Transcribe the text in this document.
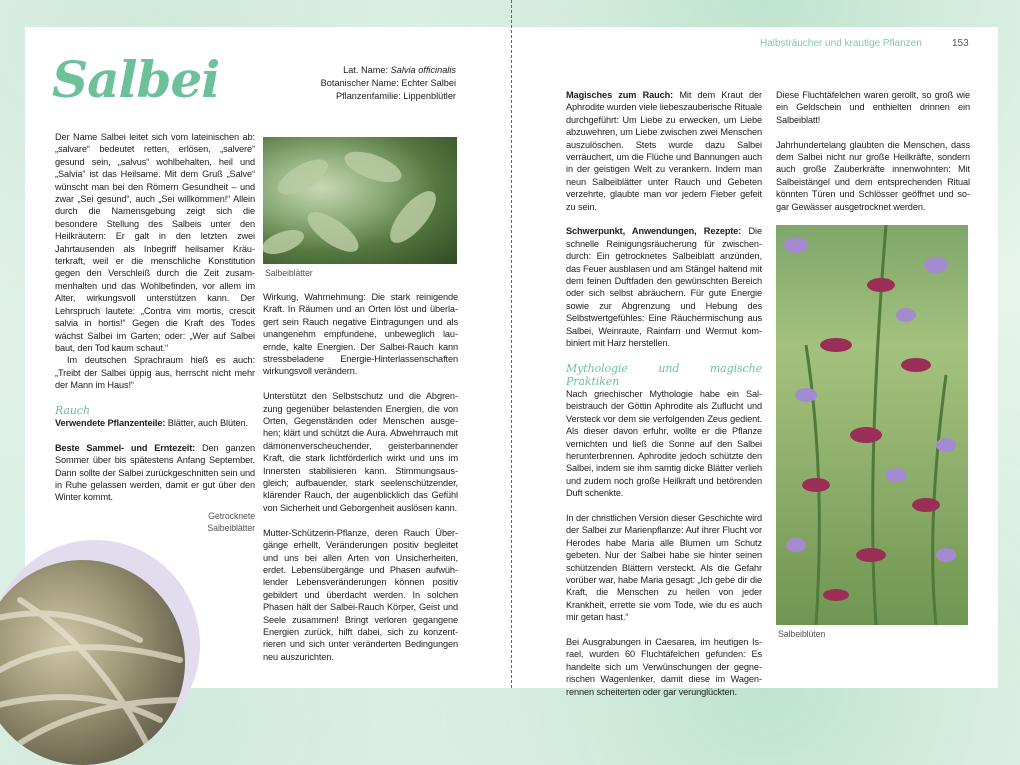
Halbsträucher und krautige Pflanzen	153
Salbei	Lat. Name: Salvia officinalis
Botanischer Name: Echter Salbei
Pflanzenfamilie: Lippenblütler

Der Name Salbei leitet sich vom lateinischen ab: „salvare“ bedeutet retten, erlösen, „salvere“ gesund sein, „salvus“ wohlbehalten, heil und „Salvia“ ist das Heilsame. Mit dem Gruß „Salve“ wünscht man bei den Römern Gesundheit – und zwar „Sei gesund“, auch „Sei willkommen!“ Allein durch die Namensgebung zeigt sich die besondere Stellung des Salbeis unter den Heilkräutern: Er galt in den letzten zwei Jahrtausenden als Inbegriff heilsamer Kräuterkraft, weil er die menschliche Konstitution gegen den Verschleiß durch die Zeit zusammenhalten und das Wohlbefinden, vor allem im Alter, wirkungsvoll unterstützen kann. Der Lehrspruch lautete: „Contra vim mortis, crescit salvia in hortis!“ Gegen die Kraft des Todes wächst Salbei im Garten; oder: „Wer auf Salbei baut, den Tod kaum schaut.“

Im deutschen Sprachraum hieß es auch: „Treibt der Salbei üppig aus, herrscht nicht mehr der Mann im Haus!“

Rauch

Verwendete Pflanzenteile: Blätter, auch Blüten.

Beste Sammel- und Erntezeit: Den ganzen Sommer über bis spätestens Anfang September. Dann sollte der Salbei zurückgeschnitten sein und in Ruhe gelassen werden, damit er gut über den Winter kommt.

Getrocknete Salbeiblätter
Salbeiblätter

Wirkung, Wahrnehmung: Die stark reinigende Kraft. In Räumen und an Orten löst und überlagert sein Rauch negative Eintragungen und als unangenehm empfundene, unbeweglich lauernde, kalte Energien. Der Salbei-Rauch kann stressbeladene Energie-Hinterlassenschaften wirkungsvoll verändern.

Unterstützt den Selbstschutz und die Abgrenzung gegenüber belastenden Energien, die von Orten, Gegenständen oder Menschen ausgehen; klärt und schützt die Aura. Abwehrrauch mit dämonenverscheuchender, geisterbannender Kraft, die stark lichtförderlich wirkt und uns im Innersten stabilisieren kann. Stimmungsausgleich; aufbauender, stark seelenschützender, klärender Rauch, der augenblicklich das Gefühl von Sicherheit und Geborgenheit auslösen kann.

Mutter-Schützerin-Pflanze, deren Rauch Übergänge erhellt, Veränderungen positiv begleitet und uns bei allen Arten von Unsicherheiten, erdet. Lebensübergänge und Phasen aufwühlender Lebensveränderungen können positiv gebildert und überdacht werden. In solchen Phasen hält der Salbei-Rauch Körper, Geist und Seele zusammen! Bringt verloren gegangene Energien zurück, hilft dabei, sich zu konzentrieren und sich unter veränderten Bedingungen neu auszurichten.

Magisches zum Rauch: Mit dem Kraut der Aphrodite wurden viele liebeszauberische Rituale durchgeführt: Um Liebe zu erwecken, um Liebe abzuwehren, um Liebe zwischen zwei Menschen auszulöschen. Stets wurde dazu Salbei verräuchert, um die Flüche und Bannungen auch in der geistigen Welt zu verankern. Indem man neun Salbeiblätter unter Rauch und Gebeten verzehrte, glaubte man vor jedem Fieber gefeit zu sein.

Schwerpunkt, Anwendungen, Rezepte: Die schnelle Reinigungsräucherung für zwischendurch: Ein getrocknetes Salbeiblatt anzünden, das Feuer ausblasen und am Stängel haltend mit dem feinen Duftfaden den gewünschten Bereich oder sich selbst abräuchern. Für gute Energie sowie zur Abgrenzung und Hebung des Selbstwertgefühles: Eine Räuchermischung aus Salbei, Weinraute, Rainfarn und Wermut kombiniert mit Harz herstellen.

Mythologie und magische Praktiken

Nach griechischer Mythologie habe ein Salbeistrauch der Göttin Aphrodite als Zuflucht und Versteck vor dem sie verfolgenden Zeus gedient. Als dieser davon erfuhr, wollte er die Pflanze vernichten und ließ die Sonne auf den Salbei herunterbrennen. Aphrodite jedoch schützte den Salbei, indem sie ihm samtig dicke Blätter verlieh und zudem noch große Heilkraft und betörenden Duft schenkte.

In der christlichen Version dieser Geschichte wird der Salbei zur Marienpflanze: Auf ihrer Flucht vor Herodes habe Maria alle Blumen um Schutz gebeten. Nur der Salbei habe sie hinter seinen schützenden Blättern versteckt. Als die Gefahr vorüber war, habe Maria gesagt: „Ich gebe dir die Kraft, die Menschen zu heilen von jeder Krankheit, errette sie vom Tode, wie du es auch mir getan hast.“

Bei Ausgrabungen in Caesarea, im heutigen Israel, wurden 60 Fluchtäfelchen gefunden: Es handelte sich um Verwünschungen der gegnerischen Wagenlenker, damit diese im Wagenrennen scheiterten oder gar verunglückten.

Diese Fluchtäfelchen waren gerollt, so groß wie ein Geldschein und enthielten drinnen ein Salbeiblatt!

Jahrhundertelang glaubten die Menschen, dass dem Salbei nicht nur große Heilkräfte, sondern auch große Zauberkräfte innenwohnten: Mit Salbeistängel und dem entsprechenden Ritual könnten Türen und Schlösser geöffnet und sogar Gewässer ausgetrocknet werden.

Salbeiblüten
